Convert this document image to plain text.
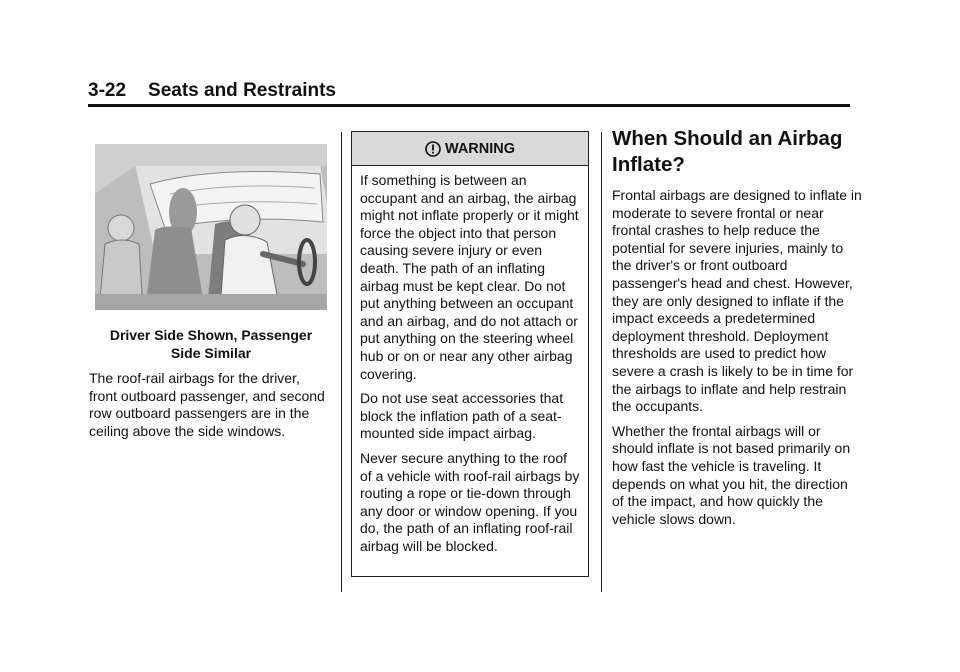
3-22 Seats and Restraints
Driver Side Shown, Passenger Side Similar

The roof-rail airbags for the driver, front outboard passenger, and second row outboard passengers are in the ceiling above the side windows.

WARNING

If something is between an occupant and an airbag, the airbag might not inflate properly or it might force the object into that person causing severe injury or even death. The path of an inflating airbag must be kept clear. Do not put anything between an occupant and an airbag, and do not attach or put anything on the steering wheel hub or on or near any other airbag covering.

Do not use seat accessories that block the inflation path of a seat-mounted side impact airbag.

Never secure anything to the roof of a vehicle with roof-rail airbags by routing a rope or tie-down through any door or window opening. If you do, the path of an inflating roof-rail airbag will be blocked.

When Should an Airbag Inflate?

Frontal airbags are designed to inflate in moderate to severe frontal or near frontal crashes to help reduce the potential for severe injuries, mainly to the driver's or front outboard passenger's head and chest. However, they are only designed to inflate if the impact exceeds a predetermined deployment threshold. Deployment thresholds are used to predict how severe a crash is likely to be in time for the airbags to inflate and help restrain the occupants.

Whether the frontal airbags will or should inflate is not based primarily on how fast the vehicle is traveling. It depends on what you hit, the direction of the impact, and how quickly the vehicle slows down.
